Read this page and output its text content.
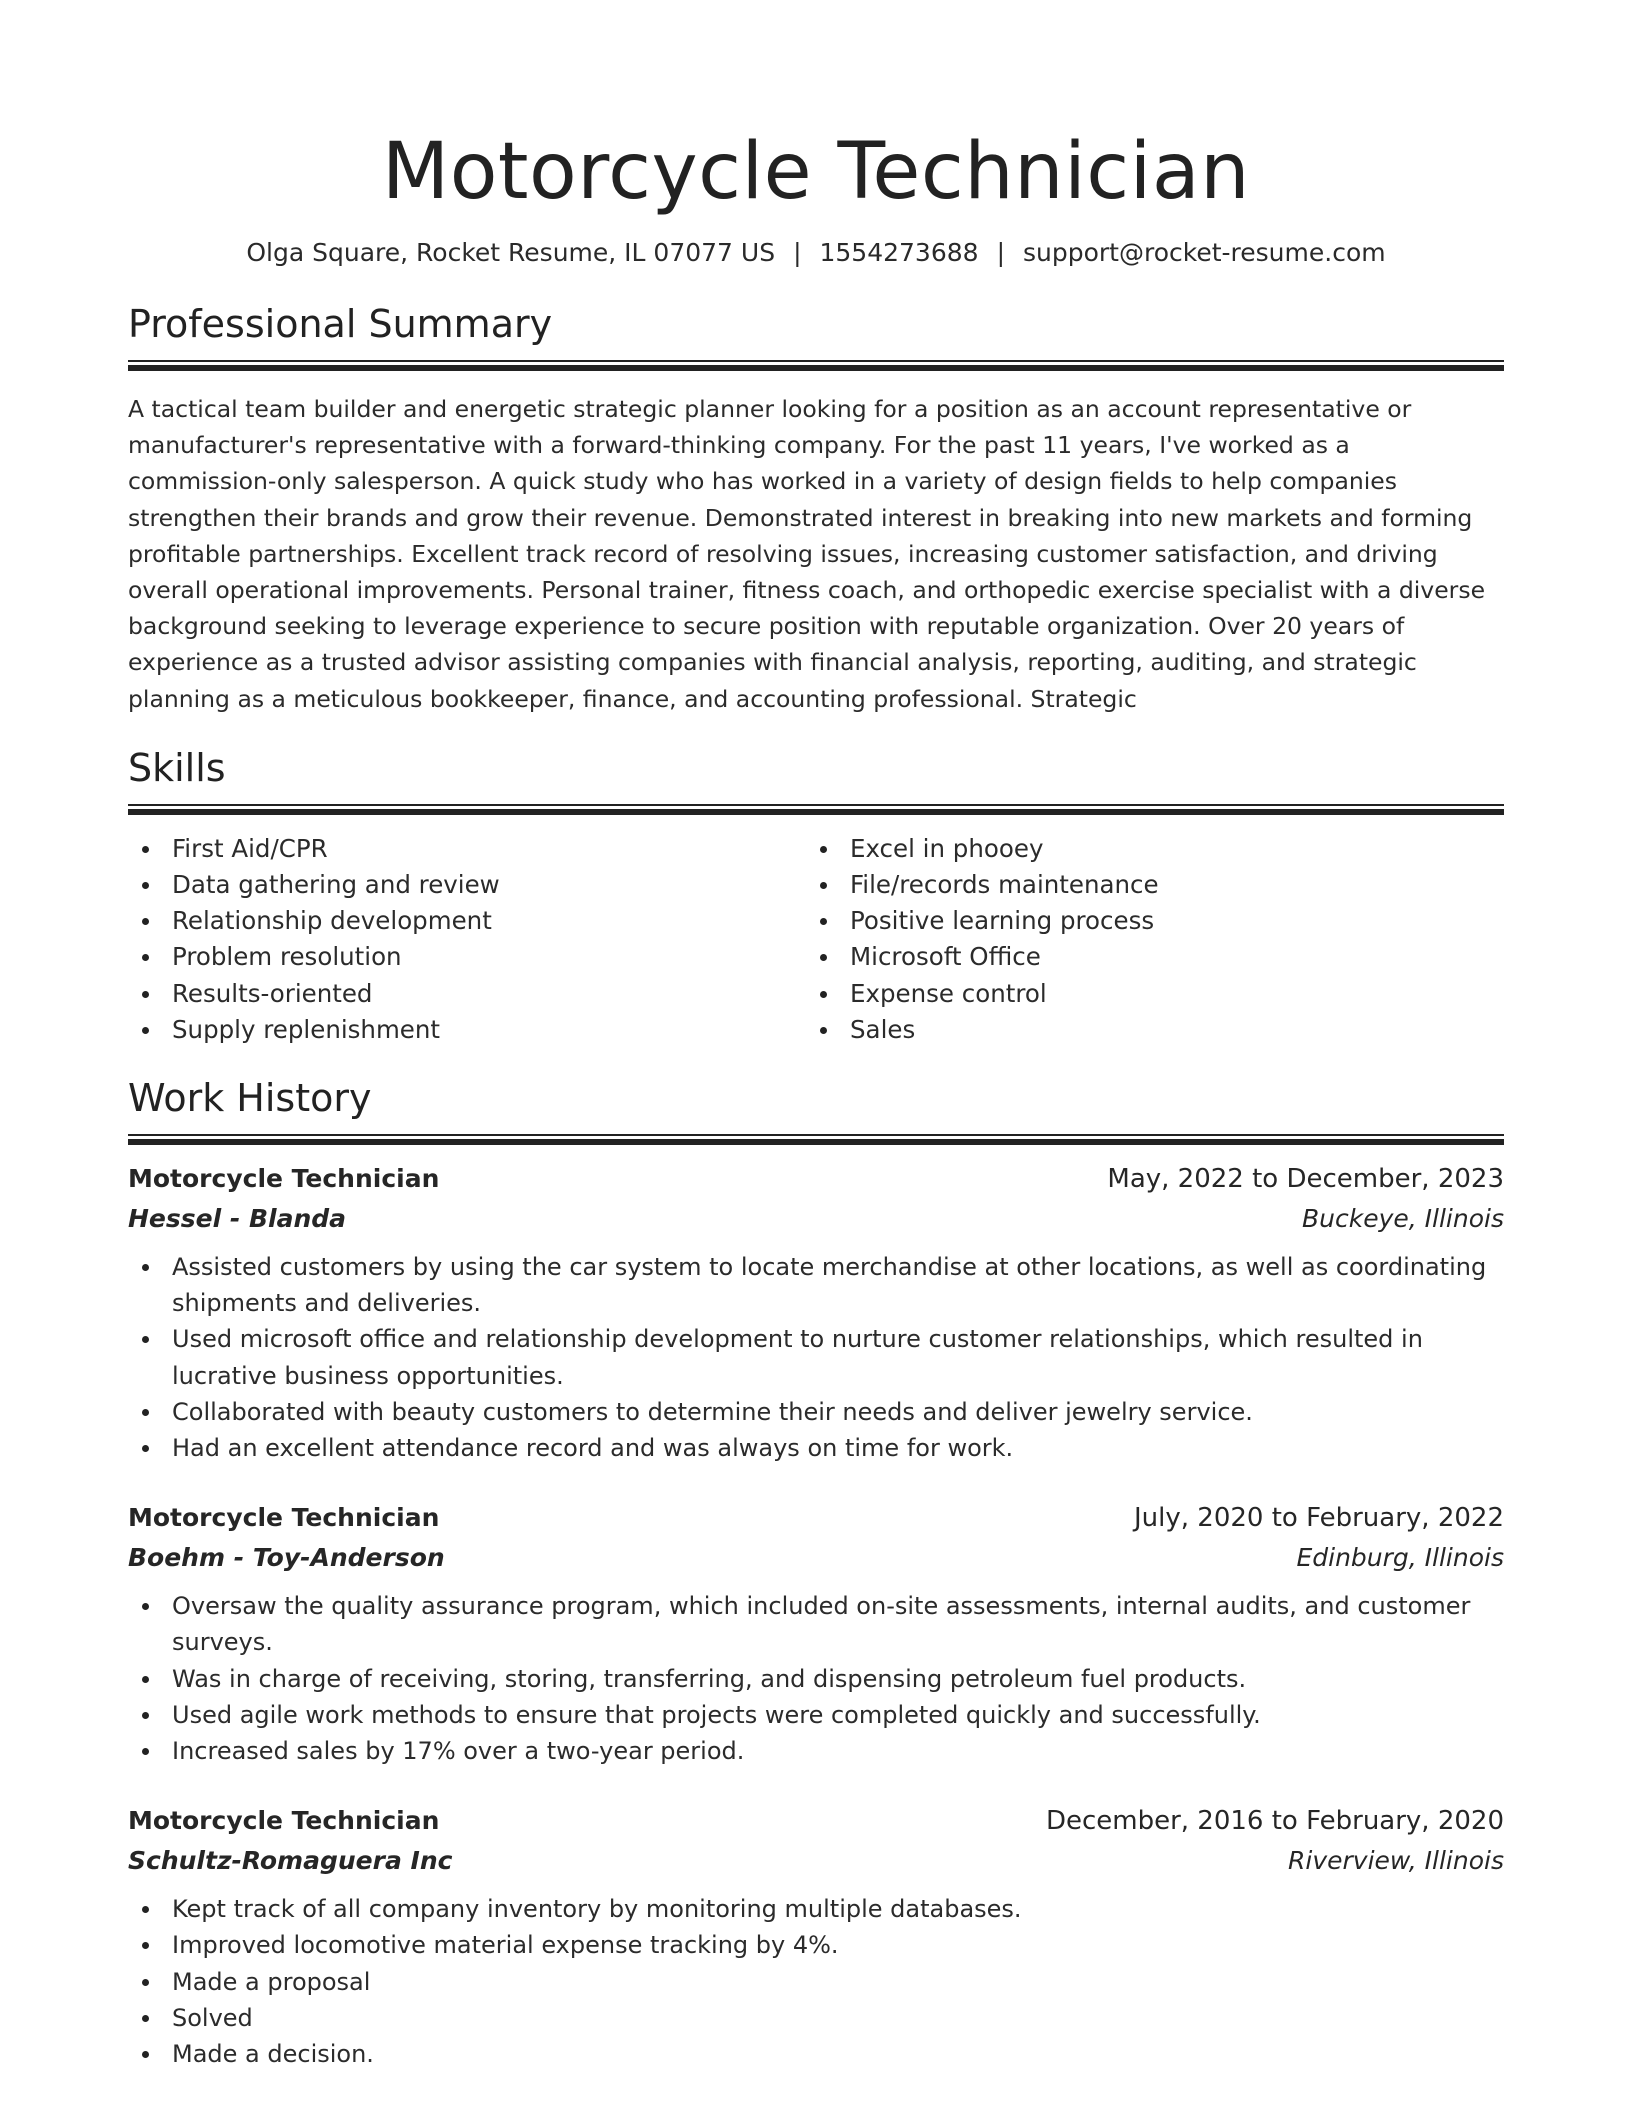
Motorcycle Technician
Olga Square, Rocket Resume, IL 07077 US | 1554273688 | support@rocket-resume.com
Professional Summary
A tactical team builder and energetic strategic planner looking for a position as an account representative or manufacturer's representative with a forward-thinking company. For the past 11 years, I've worked as a commission-only salesperson. A quick study who has worked in a variety of design fields to help companies strengthen their brands and grow their revenue. Demonstrated interest in breaking into new markets and forming profitable partnerships. Excellent track record of resolving issues, increasing customer satisfaction, and driving overall operational improvements. Personal trainer, fitness coach, and orthopedic exercise specialist with a diverse background seeking to leverage experience to secure position with reputable organization. Over 20 years of experience as a trusted advisor assisting companies with financial analysis, reporting, auditing, and strategic planning as a meticulous bookkeeper, finance, and accounting professional. Strategic
Skills
First Aid/CPR
Data gathering and review
Relationship development
Problem resolution
Results-oriented
Supply replenishment
Excel in phooey
File/records maintenance
Positive learning process
Microsoft Office
Expense control
Sales
Work History
Motorcycle Technician	May, 2022 to December, 2023
Hessel - Blanda	Buckeye, Illinois
Assisted customers by using the car system to locate merchandise at other locations, as well as coordinating shipments and deliveries.
Used microsoft office and relationship development to nurture customer relationships, which resulted in lucrative business opportunities.
Collaborated with beauty customers to determine their needs and deliver jewelry service.
Had an excellent attendance record and was always on time for work.
Motorcycle Technician	July, 2020 to February, 2022
Boehm - Toy-Anderson	Edinburg, Illinois
Oversaw the quality assurance program, which included on-site assessments, internal audits, and customer surveys.
Was in charge of receiving, storing, transferring, and dispensing petroleum fuel products.
Used agile work methods to ensure that projects were completed quickly and successfully.
Increased sales by 17% over a two-year period.
Motorcycle Technician	December, 2016 to February, 2020
Schultz-Romaguera Inc	Riverview, Illinois
Kept track of all company inventory by monitoring multiple databases.
Improved locomotive material expense tracking by 4%.
Made a proposal
Solved
Made a decision.
